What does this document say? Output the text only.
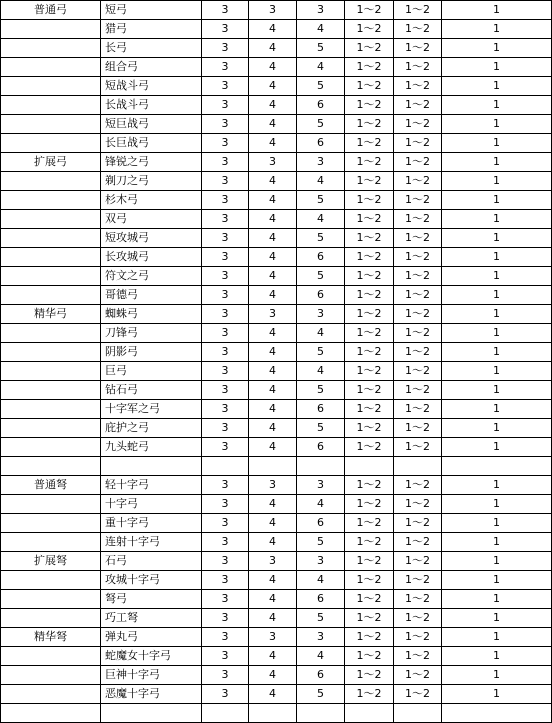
普通弓	短弓	3	3	3	1～2	1～2	1
	猎弓	3	4	4	1～2	1～2	1
	长弓	3	4	5	1～2	1～2	1
	组合弓	3	4	4	1～2	1～2	1
	短战斗弓	3	4	5	1～2	1～2	1
	长战斗弓	3	4	6	1～2	1～2	1
	短巨战弓	3	4	5	1～2	1～2	1
	长巨战弓	3	4	6	1～2	1～2	1
扩展弓	锋锐之弓	3	3	3	1～2	1～2	1
	剃刀之弓	3	4	4	1～2	1～2	1
	杉木弓	3	4	5	1～2	1～2	1
	双弓	3	4	4	1～2	1～2	1
	短攻城弓	3	4	5	1～2	1～2	1
	长攻城弓	3	4	6	1～2	1～2	1
	符文之弓	3	4	5	1～2	1～2	1
	哥德弓	3	4	6	1～2	1～2	1
精华弓	蜘蛛弓	3	3	3	1～2	1～2	1
	刀锋弓	3	4	4	1～2	1～2	1
	阴影弓	3	4	5	1～2	1～2	1
	巨弓	3	4	4	1～2	1～2	1
	钻石弓	3	4	5	1～2	1～2	1
	十字军之弓	3	4	6	1～2	1～2	1
	庇护之弓	3	4	5	1～2	1～2	1
	九头蛇弓	3	4	6	1～2	1～2	1

普通弩	轻十字弓	3	3	3	1～2	1～2	1
	十字弓	3	4	4	1～2	1～2	1
	重十字弓	3	4	6	1～2	1～2	1
	连射十字弓	3	4	5	1～2	1～2	1
扩展弩	石弓	3	3	3	1～2	1～2	1
	攻城十字弓	3	4	4	1～2	1～2	1
	弩弓	3	4	6	1～2	1～2	1
	巧工弩	3	4	5	1～2	1～2	1
精华弩	弹丸弓	3	3	3	1～2	1～2	1
	蛇魔女十字弓	3	4	4	1～2	1～2	1
	巨神十字弓	3	4	6	1～2	1～2	1
	恶魔十字弓	3	4	5	1～2	1～2	1
